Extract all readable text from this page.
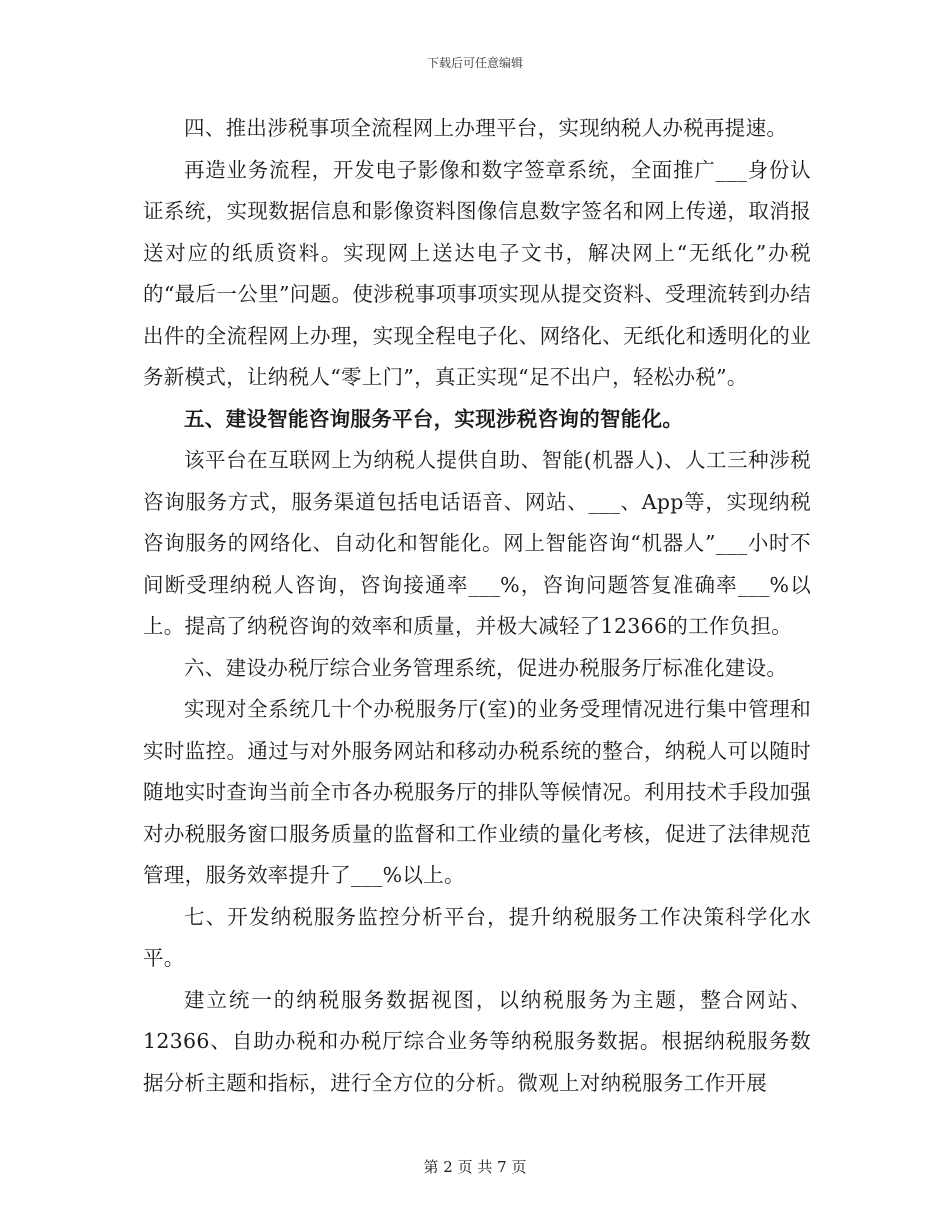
下载后可任意编辑

四、推出涉税事项全流程网上办理平台，实现纳税人办税再提速。

再造业务流程，开发电子影像和数字签章系统，全面推广___身份认证系统，实现数据信息和影像资料图像信息数字签名和网上传递，取消报送对应的纸质资料。实现网上送达电子文书，解决网上“无纸化”办税的“最后一公里”问题。使涉税事项事项实现从提交资料、受理流转到办结出件的全流程网上办理，实现全程电子化、网络化、无纸化和透明化的业务新模式，让纳税人“零上门”，真正实现“足不出户，轻松办税”。

五、建设智能咨询服务平台，实现涉税咨询的智能化。

该平台在互联网上为纳税人提供自助、智能(机器人)、人工三种涉税咨询服务方式，服务渠道包括电话语音、网站、___、App等，实现纳税咨询服务的网络化、自动化和智能化。网上智能咨询“机器人”___小时不间断受理纳税人咨询，咨询接通率___%，咨询问题答复准确率___%以上。提高了纳税咨询的效率和质量，并极大减轻了12366的工作负担。

六、建设办税厅综合业务管理系统，促进办税服务厅标准化建设。

实现对全系统几十个办税服务厅(室)的业务受理情况进行集中管理和实时监控。通过与对外服务网站和移动办税系统的整合，纳税人可以随时随地实时查询当前全市各办税服务厅的排队等候情况。利用技术手段加强对办税服务窗口服务质量的监督和工作业绩的量化考核，促进了法律规范管理，服务效率提升了___%以上。

七、开发纳税服务监控分析平台，提升纳税服务工作决策科学化水平。

建立统一的纳税服务数据视图，以纳税服务为主题，整合网站、12366、自助办税和办税厅综合业务等纳税服务数据。根据纳税服务数据分析主题和指标，进行全方位的分析。微观上对纳税服务工作开展

第 2 页 共 7 页
